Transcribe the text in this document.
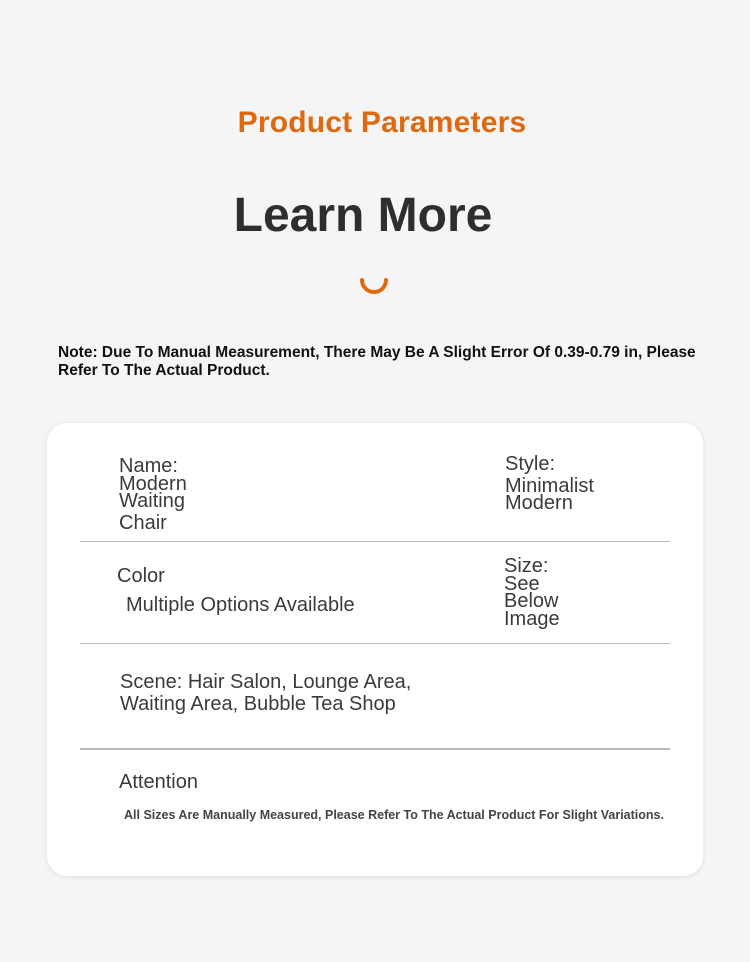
Product Parameters
Learn More
Note: Due To Manual Measurement, There May Be A Slight Error Of 0.39-0.79 in, Please Refer To The Actual Product.
Name:
Modern
Waiting
Chair
Style:
Minimalist
Modern
Color
Multiple Options Available
Size:
See
Below
Image
Scene: Hair Salon, Lounge Area,
Waiting Area, Bubble Tea Shop
Attention
All Sizes Are Manually Measured, Please Refer To The Actual Product For Slight Variations.
